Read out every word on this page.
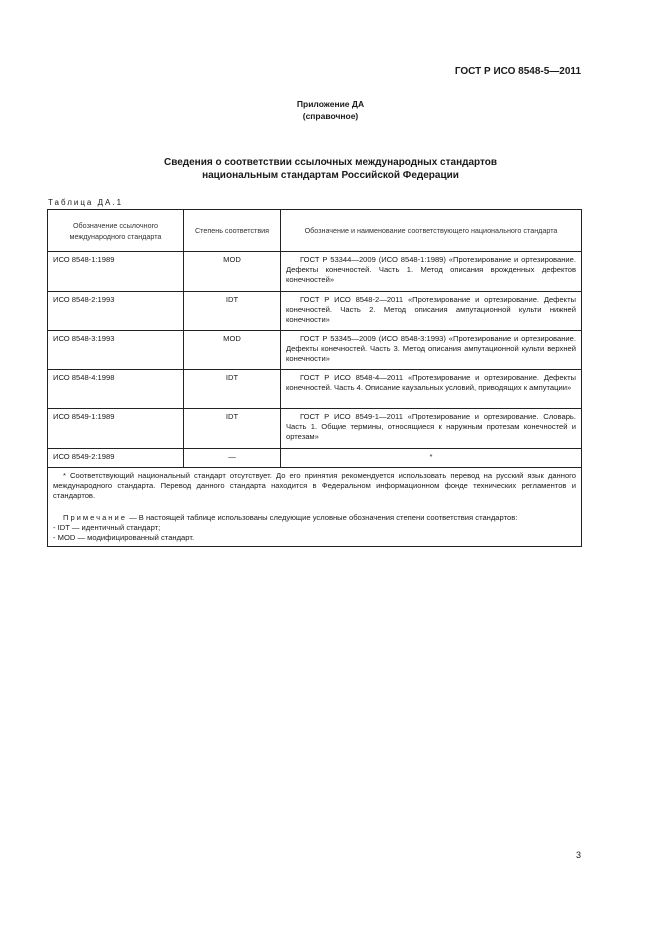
ГОСТ Р ИСО 8548-5—2011
Приложение ДА
(справочное)
Сведения о соответствии ссылочных международных стандартов
национальным стандартам Российской Федерации
Таблица ДА.1
Обозначение ссылочного международного стандарта	Степень соответствия	Обозначение и наименование соответствующего национального стандарта
ИСО 8548-1:1989	MOD	ГОСТ Р 53344—2009 (ИСО 8548-1:1989) «Протезирование и ортезирование. Дефекты конечностей. Часть 1. Метод описания врожденных дефектов конечностей»
ИСО 8548-2:1993	IDT	ГОСТ Р ИСО 8548-2—2011 «Протезирование и ортезирование. Дефекты конечностей. Часть 2. Метод описания ампутационной культи нижней конечности»
ИСО 8548-3:1993	MOD	ГОСТ Р 53345—2009 (ИСО 8548-3:1993) «Протезирование и ортезирование. Дефекты конечностей. Часть 3. Метод описания ампутационной культи верхней конечности»
ИСО 8548-4:1998	IDT	ГОСТ Р ИСО 8548-4—2011 «Протезирование и ортезирование. Дефекты конечностей. Часть 4. Описание каузальных условий, приводящих к ампутации»
ИСО 8549-1:1989	IDT	ГОСТ Р ИСО 8549-1—2011 «Протезирование и ортезирование. Словарь. Часть 1. Общие термины, относящиеся к наружным протезам конечностей и ортезам»
ИСО 8549-2:1989	—	*

* Соответствующий национальный стандарт отсутствует. До его принятия рекомендуется использовать перевод на русский язык данного международного стандарта. Перевод данного стандарта находится в Федеральном информационном фонде технических регламентов и стандартов.

Примечание — В настоящей таблице использованы следующие условные обозначения степени соответствия стандартов:

- IDT — идентичный стандарт;

- MOD — модифицированный стандарт.		

3
